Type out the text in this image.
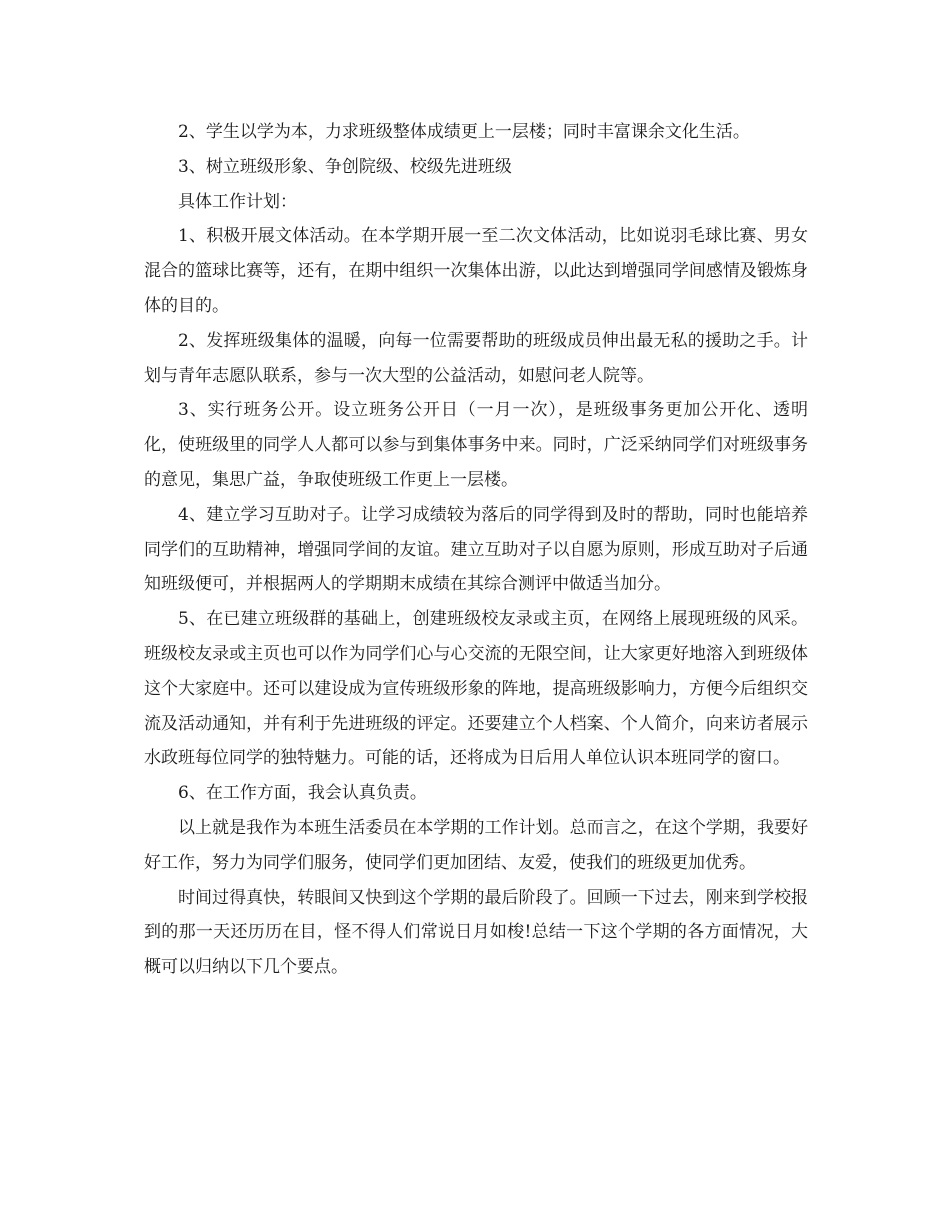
2、学生以学为本，力求班级整体成绩更上一层楼；同时丰富课余文化生活。

3、树立班级形象、争创院级、校级先进班级

具体工作计划：

1、积极开展文体活动。在本学期开展一至二次文体活动，比如说羽毛球比赛、男女混合的篮球比赛等，还有，在期中组织一次集体出游，以此达到增强同学间感情及锻炼身体的目的。

2、发挥班级集体的温暖，向每一位需要帮助的班级成员伸出最无私的援助之手。计划与青年志愿队联系，参与一次大型的公益活动，如慰问老人院等。

3、实行班务公开。设立班务公开日（一月一次），是班级事务更加公开化、透明化，使班级里的同学人人都可以参与到集体事务中来。同时，广泛采纳同学们对班级事务的意见，集思广益，争取使班级工作更上一层楼。

4、建立学习互助对子。让学习成绩较为落后的同学得到及时的帮助，同时也能培养同学们的互助精神，增强同学间的友谊。建立互助对子以自愿为原则，形成互助对子后通知班级便可，并根据两人的学期期末成绩在其综合测评中做适当加分。

5、在已建立班级群的基础上，创建班级校友录或主页，在网络上展现班级的风采。班级校友录或主页也可以作为同学们心与心交流的无限空间，让大家更好地溶入到班级体这个大家庭中。还可以建设成为宣传班级形象的阵地，提高班级影响力，方便今后组织交流及活动通知，并有利于先进班级的评定。还要建立个人档案、个人简介，向来访者展示水政班每位同学的独特魅力。可能的话，还将成为日后用人单位认识本班同学的窗口。

6、在工作方面，我会认真负责。

以上就是我作为本班生活委员在本学期的工作计划。总而言之，在这个学期，我要好好工作，努力为同学们服务，使同学们更加团结、友爱，使我们的班级更加优秀。

时间过得真快，转眼间又快到这个学期的最后阶段了。回顾一下过去，刚来到学校报到的那一天还历历在目，怪不得人们常说日月如梭!总结一下这个学期的各方面情况，大概可以归纳以下几个要点。
